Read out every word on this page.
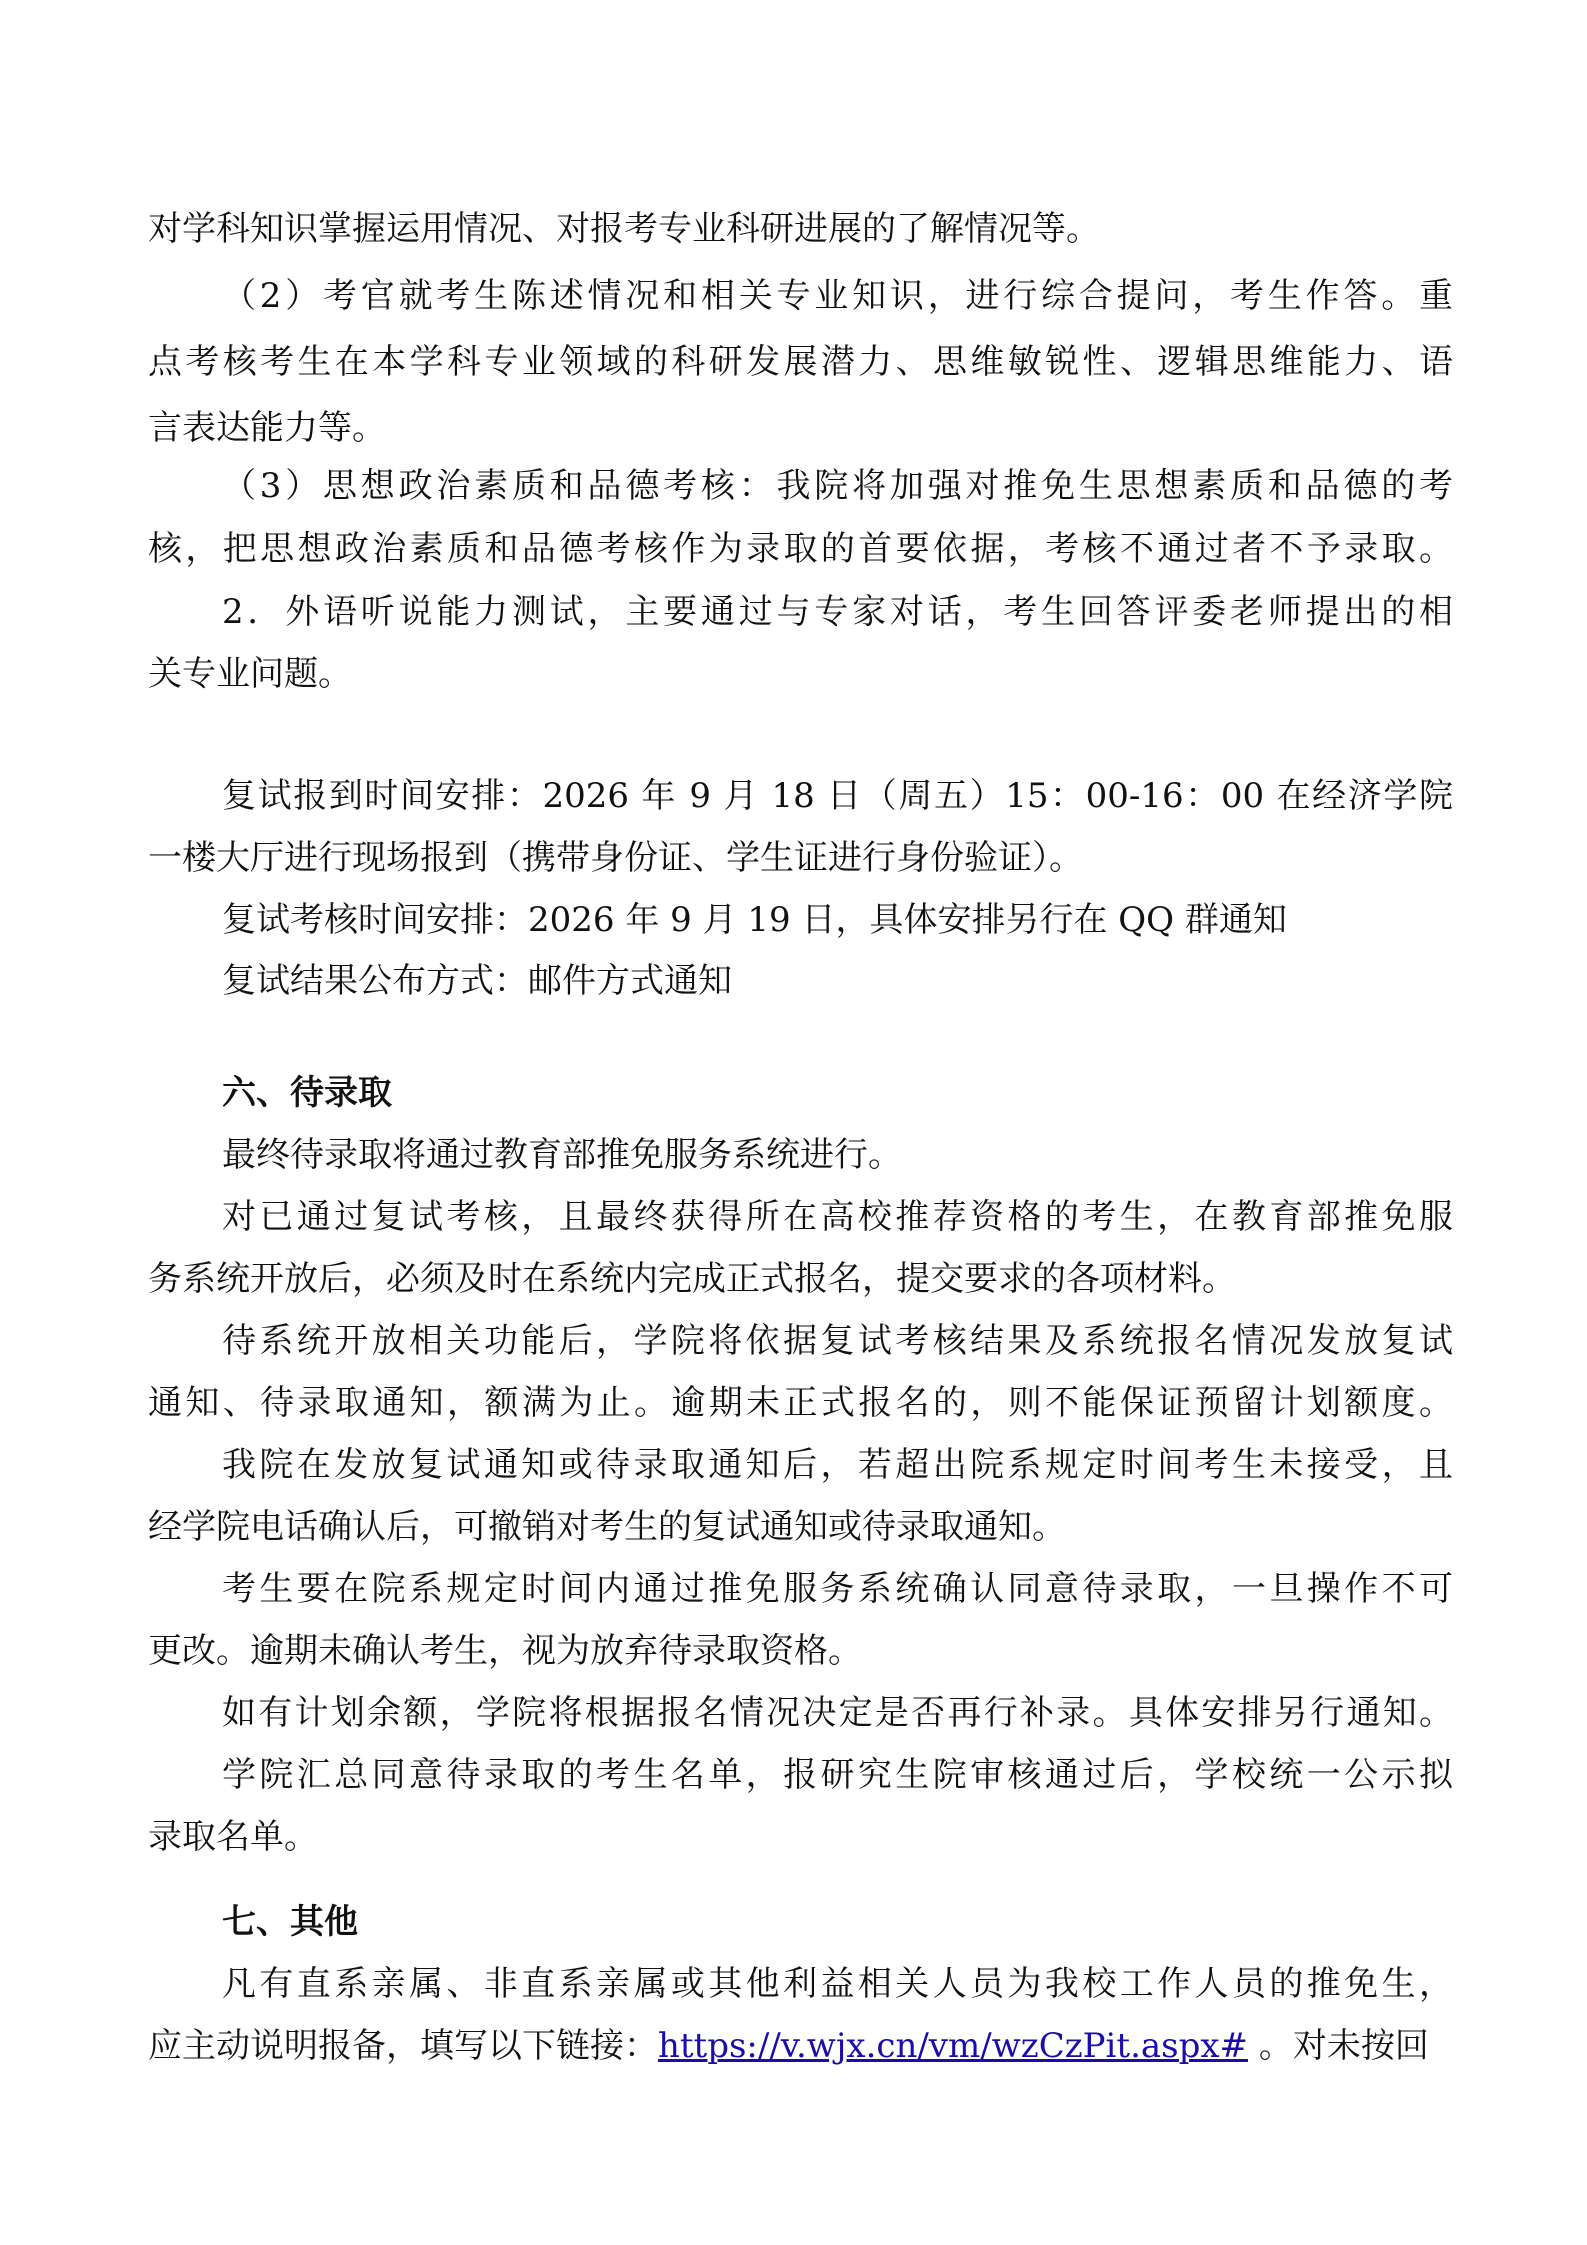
对学科知识掌握运用情况、对报考专业科研进展的了解情况等。
（2）考官就考生陈述情况和相关专业知识，进行综合提问，考生作答。重
点考核考生在本学科专业领域的科研发展潜力、思维敏锐性、逻辑思维能力、语
言表达能力等。
（3）思想政治素质和品德考核：我院将加强对推免生思想素质和品德的考
核，把思想政治素质和品德考核作为录取的首要依据，考核不通过者不予录取。
2．外语听说能力测试，主要通过与专家对话，考生回答评委老师提出的相
关专业问题。
复试报到时间安排：2026 年 9 月 18 日（周五）15：00-16：00 在经济学院
一楼大厅进行现场报到（携带身份证、学生证进行身份验证）。
复试考核时间安排：2026 年 9 月 19 日，具体安排另行在 QQ 群通知
复试结果公布方式：邮件方式通知
六、待录取
最终待录取将通过教育部推免服务系统进行。
对已通过复试考核，且最终获得所在高校推荐资格的考生，在教育部推免服
务系统开放后，必须及时在系统内完成正式报名，提交要求的各项材料。
待系统开放相关功能后，学院将依据复试考核结果及系统报名情况发放复试
通知、待录取通知，额满为止。逾期未正式报名的，则不能保证预留计划额度。
我院在发放复试通知或待录取通知后，若超出院系规定时间考生未接受，且
经学院电话确认后，可撤销对考生的复试通知或待录取通知。
考生要在院系规定时间内通过推免服务系统确认同意待录取，一旦操作不可
更改。逾期未确认考生，视为放弃待录取资格。
如有计划余额，学院将根据报名情况决定是否再行补录。具体安排另行通知。
学院汇总同意待录取的考生名单，报研究生院审核通过后，学校统一公示拟
录取名单。
七、其他
凡有直系亲属、非直系亲属或其他利益相关人员为我校工作人员的推免生，
应主动说明报备，填写以下链接：https://v.wjx.cn/vm/wzCzPit.aspx# 。对未按回
